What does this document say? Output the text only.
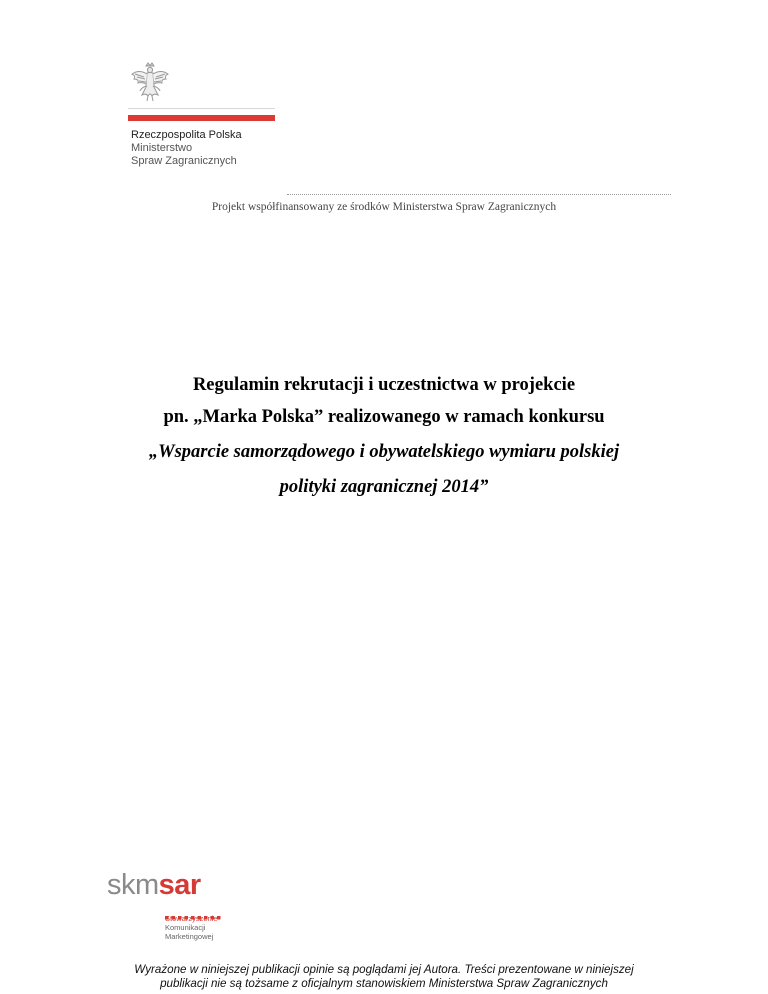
Rzeczpospolita Polska
Ministerstwo
Spraw Zagranicznych
Projekt współfinansowany ze środków Ministerstwa Spraw Zagranicznych
Regulamin rekrutacji i uczestnictwa w projekcie
pn. „Marka Polska” realizowanego w ramach konkursu
„Wsparcie samorządowego i obywatelskiego wymiaru polskiej
polityki zagranicznej 2014”
skmsar
Stowarzyszenie
Komunikacji
Marketingowej
Wyrażone w niniejszej publikacji opinie są poglądami jej Autora. Treści prezentowane w niniejszej
publikacji nie są tożsame z oficjalnym stanowiskiem Ministerstwa Spraw Zagranicznych
